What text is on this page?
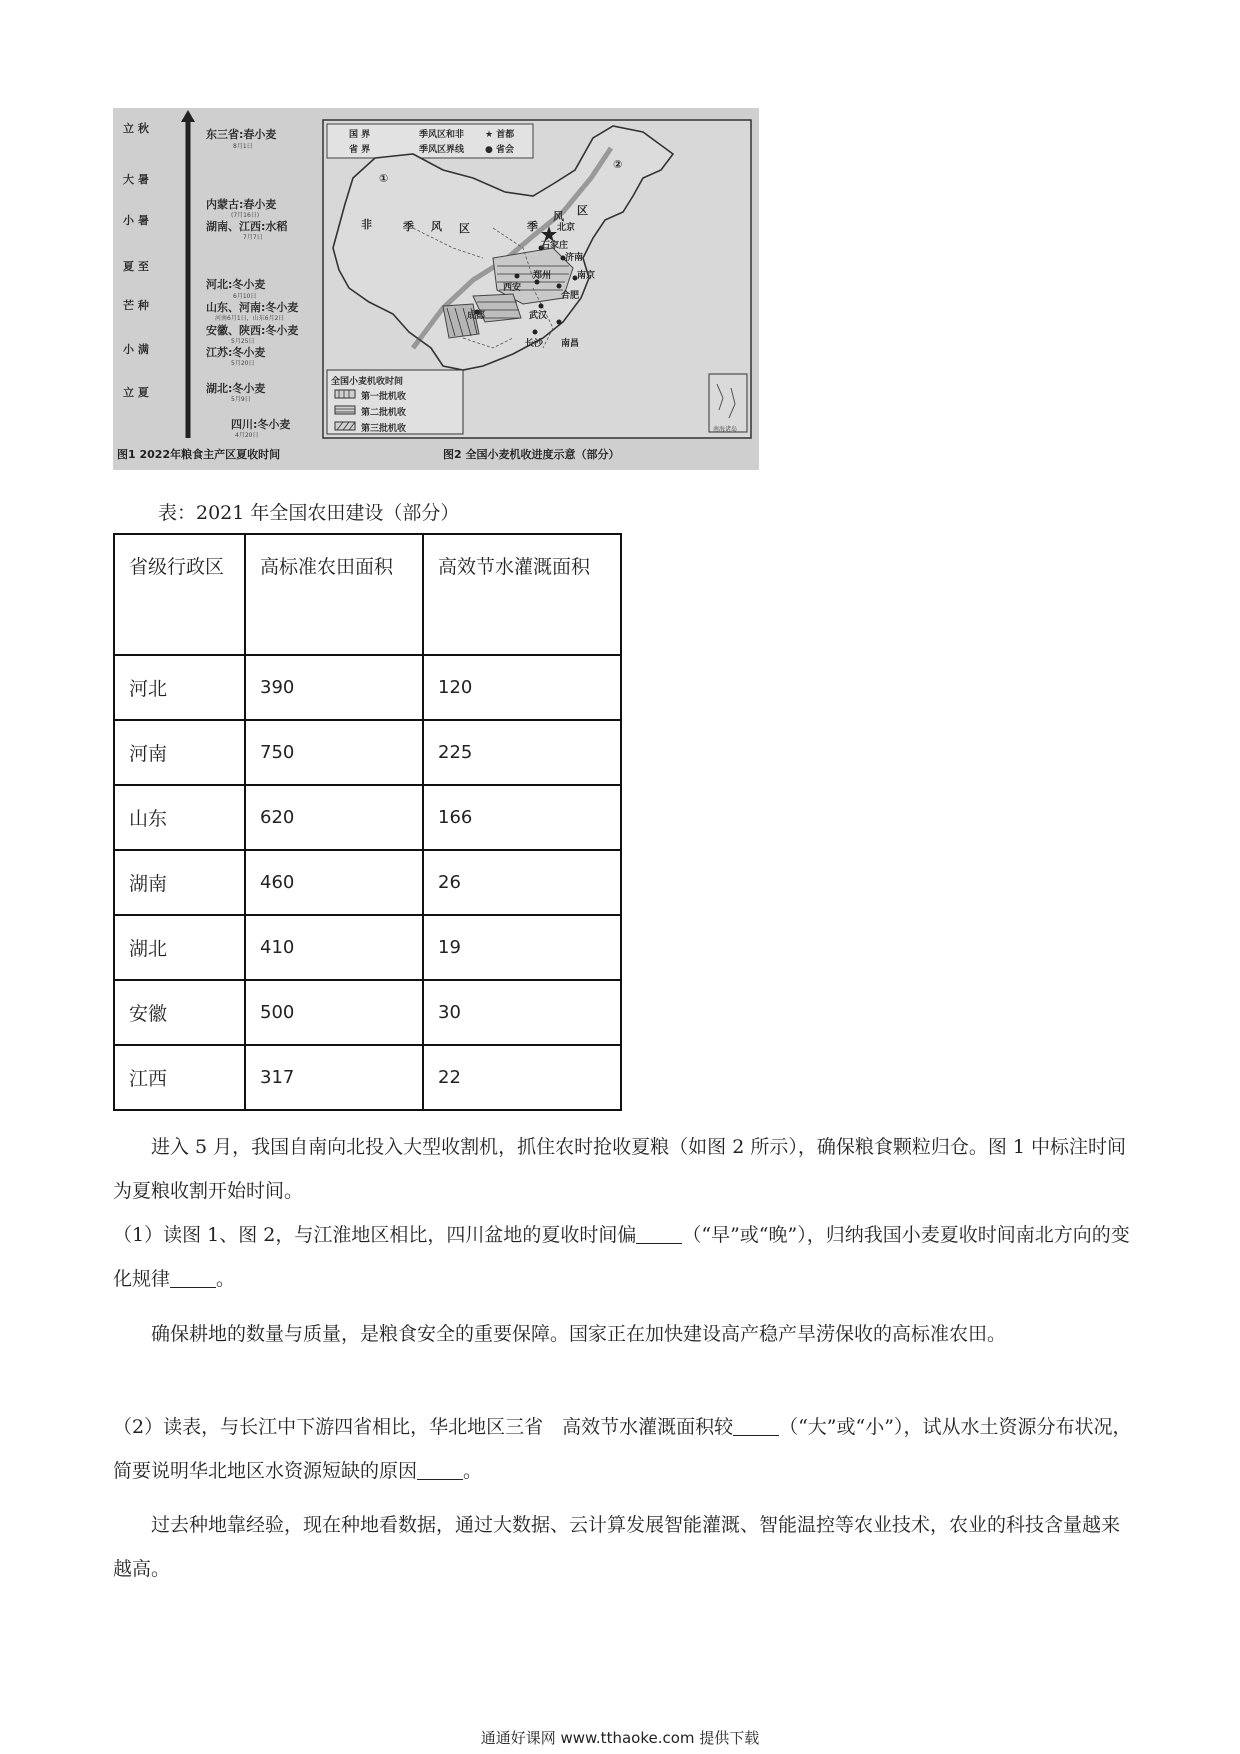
立 秋
大 暑
小 暑
夏 至
芒 种
小 满
立 夏
东三省:春小麦
8月1日
内蒙古:春小麦
(7月16日)
湖南、江西:水稻
7月7日
河北:冬小麦
6月10日
山东、河南:冬小麦
河南6月1日，山东6月2日
安徽、陕西:冬小麦
5月25日
江苏:冬小麦
5月20日
湖北:冬小麦
5月9日
四川:冬小麦
4月20日
图1 2022年粮食主产区夏收时间
国 界	季风区和非 ★ 首都
省 界	季风区界线 ● 省会
①
②
非	季 风 区	季
风 区
北京
石家庄
济南
西安
郑州
合肥
武汉
南京
成都
长沙 南昌
全国小麦机收时间
第一批机收
第二批机收
第三批机收	南海诸岛
图2 全国小麦机收进度示意（部分）
表：2021 年全国农田建设（部分）
省级行政区	高标准农田面积	高效节水灌溉面积
河北	390	120
河南	750	225
山东	620	166
湖南	460	26
湖北	410	19
安徽	500	30
江西	317	22

进入 5 月，我国自南向北投入大型收割机，抓住农时抢收夏粮（如图 2 所示），确保粮食颗粒归仓。图 1 中标注时间为夏粮收割开始时间。

（1）读图 1、图 2，与江淮地区相比，四川盆地的夏收时间偏 （“早”或“晚”），归纳我国小麦夏收时间南北方向的变化规律 。

确保耕地的数量与质量，是粮食安全的重要保障。国家正在加快建设高产稳产旱涝保收的高标准农田。

（2）读表，与长江中下游四省相比，华北地区三省　高效节水灌溉面积较 （“大”或“小”），试从水土资源分布状况，简要说明华北地区水资源短缺的原因 。

过去种地靠经验，现在种地看数据，通过大数据、云计算发展智能灌溉、智能温控等农业技术，农业的科技含量越来越高。

通通好课网 www.tthaoke.com 提供下载
